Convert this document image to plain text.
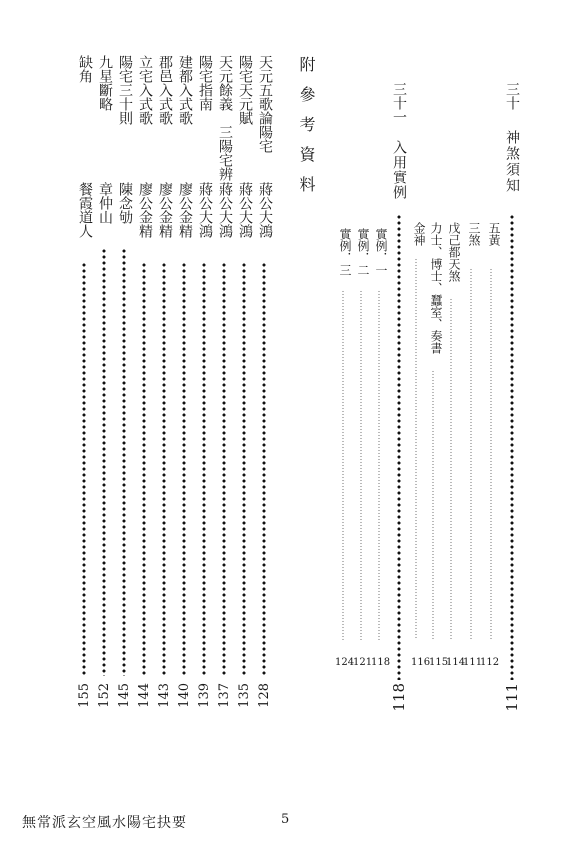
三十
神煞須知
111
五黃
112
三煞
111
戊己都天煞
114
力士、博士、蠶室、奏書
115
金神
116
三十一
入用實例
118
實例．一
118
實例．二
121
實例．三
124
附參考資料
天元五歌論陽宅
蔣公大鴻
128
陽宅天元賦
蔣公大鴻
135
天元餘義　三陽宅辨
蔣公大鴻
137
陽宅指南
蔣公大鴻
139
建都入式歌
廖公金精
140
郡邑入式歌
廖公金精
143
立宅入式歌
廖公金精
144
陽宅三十則
陳念劬
145
九星斷略
章仲山
152
缺角
餐霞道人
155
無常派玄空風水陽宅抉要	5
